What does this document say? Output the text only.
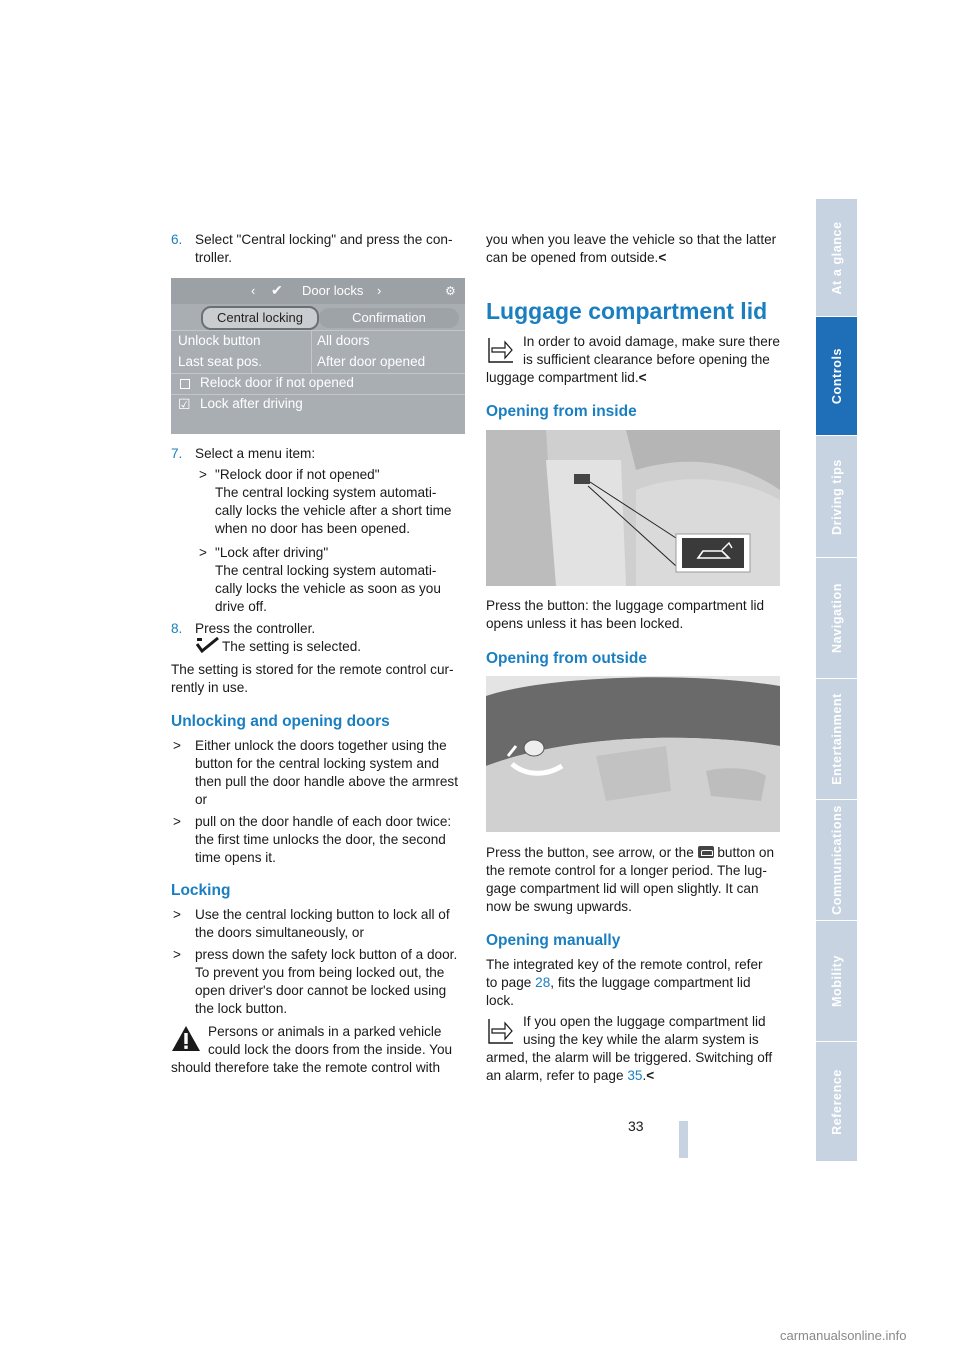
At a glance
Controls
Driving tips
Navigation
Entertainment
Communications
Mobility
Reference

6. Select "Central locking" and press the con-

troller.

‹ ✔ Door locks ›	⚙
Central locking	Confirmation
Unlock button	All doors
Last seat pos.	After door opened
Relock door if not opened
☑ Lock after driving

7. Select a menu item:

> "Relock door if not opened"

The central locking system automati-

cally locks the vehicle after a short time

when no door has been opened.

> "Lock after driving"

The central locking system automati-

cally locks the vehicle as soon as you

drive off.

8. Press the controller.

The setting is selected.

The setting is stored for the remote control cur-

rently in use.

Unlocking and opening doors

> Either unlock the doors together using the

button for the central locking system and

then pull the door handle above the armrest

or

> pull on the door handle of each door twice:

the first time unlocks the door, the second

time opens it.

Locking

> Use the central locking button to lock all of

the doors simultaneously, or

> press down the safety lock button of a door.

To prevent you from being locked out, the

open driver's door cannot be locked using

the lock button.

Persons or animals in a parked vehicle

could lock the doors from the inside. You

should therefore take the remote control with

you when you leave the vehicle so that the latter

can be opened from outside.<

Luggage compartment lid

In order to avoid damage, make sure there

is sufficient clearance before opening the

luggage compartment lid.<

Opening from inside

Press the button: the luggage compartment lid

opens unless it has been locked.

Opening from outside

Press the button, see arrow, or the button on

the remote control for a longer period. The lug-

gage compartment lid will open slightly. It can

now be swung upwards.

Opening manually

The integrated key of the remote control, refer

to page 28, fits the luggage compartment lid

lock.

If you open the luggage compartment lid

using the key while the alarm system is

armed, the alarm will be triggered. Switching off

an alarm, refer to page 35.<

33
carmanualsonline.info
